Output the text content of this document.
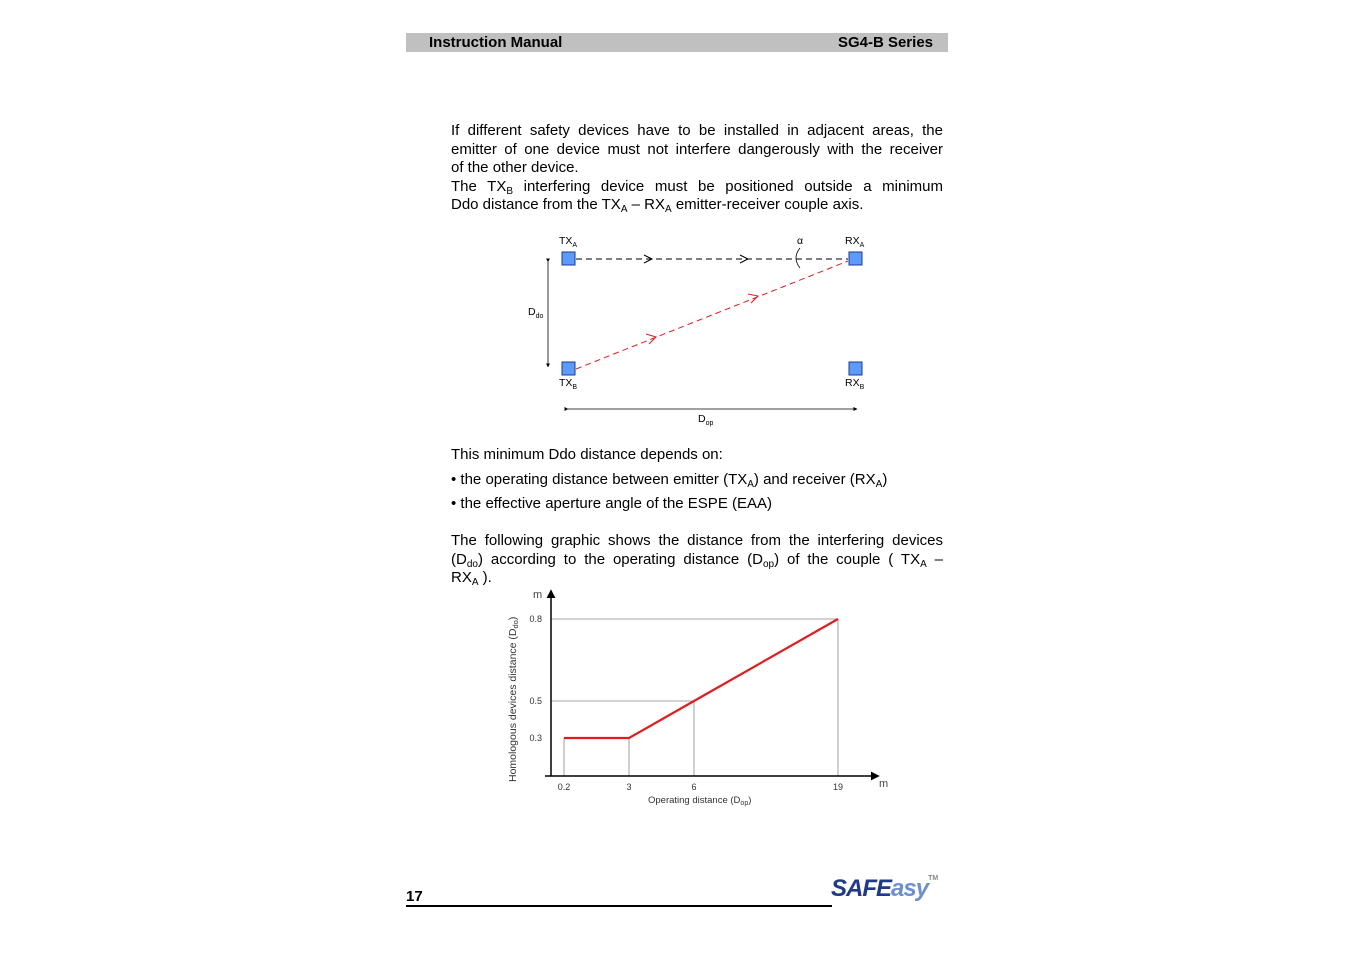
Instruction Manual	SG4-B Series
If different safety devices have to be installed in adjacent areas, the
emitter of one device must not interfere dangerously with the receiver
of the other device.
The $TX_B$ interfering device must be positioned outside a minimum
Ddo distance from the $TX_A - RX_A$ emitter-receiver couple axis.
$TX_A$	$RX_A$
α
$TX_B$	$RX_B$
$D_{do}$
$D_{op}$
This minimum Ddo distance depends on:
• the operating distance between emitter $(TX_A)$ and receiver $(RX_A)$
• the effective aperture angle of the ESPE (EAA)
The following graphic shows the distance from the interfering devices
$(D_{do})$ according to the operating distance $(D_{op})$ of the couple ( $TX_A$ –
$RX_A$ ).
m
m
0.2	3	6	19
0.3
0.5
0.8
Operating distance $(D_{op})$
Homologous devices distance (Ddo)
17	SAFEasy™
